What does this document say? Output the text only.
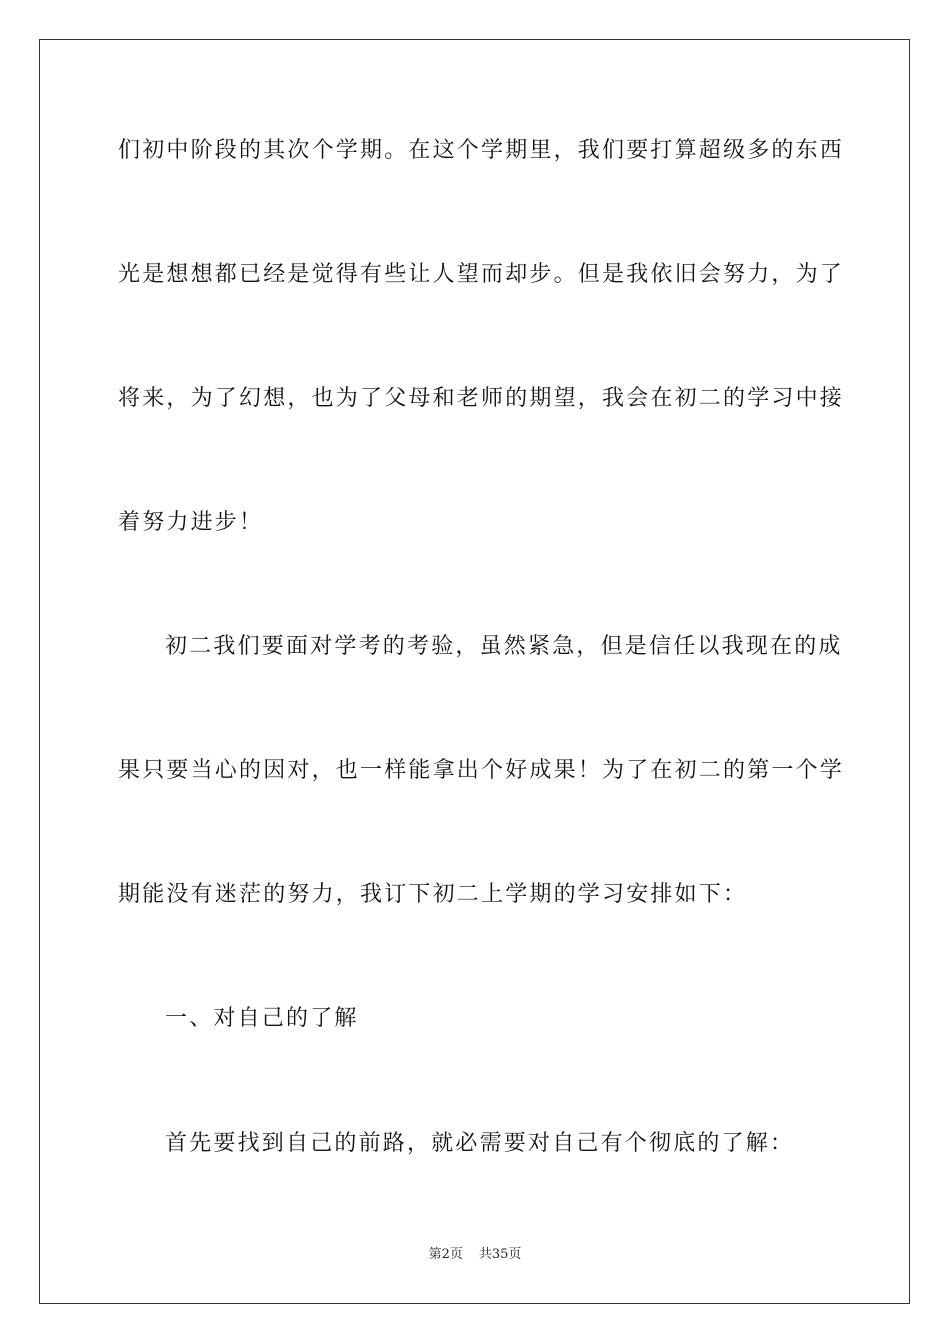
们初中阶段的其次个学期。在这个学期里，我们要打算超级多的东西
光是想想都已经是觉得有些让人望而却步。但是我依旧会努力，为了
将来，为了幻想，也为了父母和老师的期望，我会在初二的学习中接
着努力进步！
初二我们要面对学考的考验，虽然紧急，但是信任以我现在的成
果只要当心的因对，也一样能拿出个好成果！为了在初二的第一个学
期能没有迷茫的努力，我订下初二上学期的学习安排如下：
一、对自己的了解
首先要找到自己的前路，就必需要对自己有个彻底的了解：
第2页 共35页
